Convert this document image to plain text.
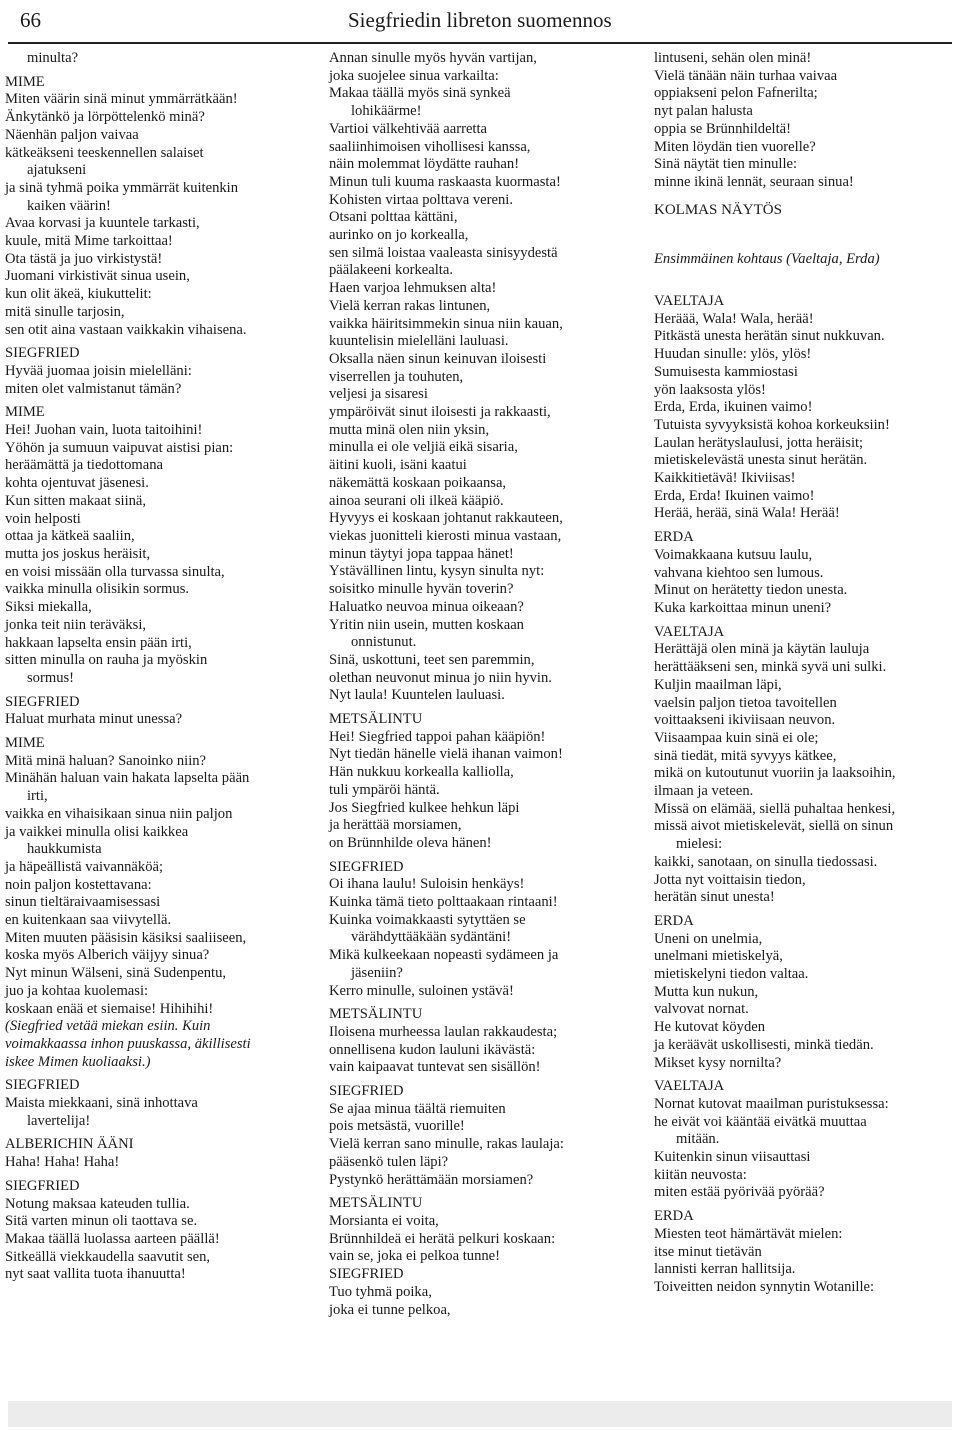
66	Siegfriedin libreton suomennos
minulta?
MIME
Miten väärin sinä minut ymmärrätkään!
Änkytänkö ja lörpöttelenkö minä?
Näenhän paljon vaivaa
kätkeäkseni teeskennellen salaiset
ajatukseni
ja sinä tyhmä poika ymmärrät kuitenkin
kaiken väärin!
Avaa korvasi ja kuuntele tarkasti,
kuule, mitä Mime tarkoittaa!
Ota tästä ja juo virkistystä!
Juomani virkistivät sinua usein,
kun olit äkeä, kiukuttelit:
mitä sinulle tarjosin,
sen otit aina vastaan vaikkakin vihaisena.
SIEGFRIED
Hyvää juomaa joisin mielelläni:
miten olet valmistanut tämän?
MIME
Hei! Juohan vain, luota taitoihini!
Yöhön ja sumuun vaipuvat aistisi pian:
heräämättä ja tiedottomana
kohta ojentuvat jäsenesi.
Kun sitten makaat siinä,
voin helposti
ottaa ja kätkeä saaliin,
mutta jos joskus heräisit,
en voisi missään olla turvassa sinulta,
vaikka minulla olisikin sormus.
Siksi miekalla,
jonka teit niin teräväksi,
hakkaan lapselta ensin pään irti,
sitten minulla on rauha ja myöskin
sormus!
SIEGFRIED
Haluat murhata minut unessa?
MIME
Mitä minä haluan? Sanoinko niin?
Minähän haluan vain hakata lapselta pään
irti,
vaikka en vihaisikaan sinua niin paljon
ja vaikkei minulla olisi kaikkea
haukkumista
ja häpeällistä vaivannäköä;
noin paljon kostettavana:
sinun tieltäraivaamisessasi
en kuitenkaan saa viivytellä.
Miten muuten pääsisin käsiksi saaliiseen,
koska myös Alberich väijyy sinua?
Nyt minun Wälseni, sinä Sudenpentu,
juo ja kohtaa kuolemasi:
koskaan enää et siemaise! Hihihihi!
(Siegfried vetää miekan esiin. Kuin
voimakkaassa inhon puuskassa, äkillisesti
iskee Mimen kuoliaaksi.)
SIEGFRIED
Maista miekkaani, sinä inhottava
lavertelija!
ALBERICHIN ÄÄNI
Haha! Haha! Haha!
SIEGFRIED
Notung maksaa kateuden tullia.
Sitä varten minun oli taottava se.
Makaa täällä luolassa aarteen päällä!
Sitkeällä viekkaudella saavutit sen,
nyt saat vallita tuota ihanuutta!
Annan sinulle myös hyvän vartijan,
joka suojelee sinua varkailta:
Makaa täällä myös sinä synkeä
lohikäärme!
Vartioi välkehtivää aarretta
saaliinhimoisen vihollisesi kanssa,
näin molemmat löydätte rauhan!
Minun tuli kuuma raskaasta kuormasta!
Kohisten virtaa polttava vereni.
Otsani polttaa kättäni,
aurinko on jo korkealla,
sen silmä loistaa vaaleasta sinisyydestä
päälakeeni korkealta.
Haen varjoa lehmuksen alta!
Vielä kerran rakas lintunen,
vaikka häiritsimmekin sinua niin kauan,
kuuntelisin mielelläni lauluasi.
Oksalla näen sinun keinuvan iloisesti
viserrellen ja touhuten,
veljesi ja sisaresi
ympäröivät sinut iloisesti ja rakkaasti,
mutta minä olen niin yksin,
minulla ei ole veljiä eikä sisaria,
äitini kuoli, isäni kaatui
näkemättä koskaan poikaansa,
ainoa seurani oli ilkeä kääpiö.
Hyvyys ei koskaan johtanut rakkauteen,
viekas juonitteli kierosti minua vastaan,
minun täytyi jopa tappaa hänet!
Ystävällinen lintu, kysyn sinulta nyt:
soisitko minulle hyvän toverin?
Haluatko neuvoa minua oikeaan?
Yritin niin usein, mutten koskaan
onnistunut.
Sinä, uskottuni, teet sen paremmin,
olethan neuvonut minua jo niin hyvin.
Nyt laula! Kuuntelen lauluasi.
METSÄLINTU
Hei! Siegfried tappoi pahan kääpiön!
Nyt tiedän hänelle vielä ihanan vaimon!
Hän nukkuu korkealla kalliolla,
tuli ympäröi häntä.
Jos Siegfried kulkee hehkun läpi
ja herättää morsiamen,
on Brünnhilde oleva hänen!
SIEGFRIED
Oi ihana laulu! Suloisin henkäys!
Kuinka tämä tieto polttaakaan rintaani!
Kuinka voimakkaasti sytyttäen se
värähdyttääkään sydäntäni!
Mikä kulkeekaan nopeasti sydämeen ja
jäseniin?
Kerro minulle, suloinen ystävä!
METSÄLINTU
Iloisena murheessa laulan rakkaudesta;
onnellisena kudon lauluni ikävästä:
vain kaipaavat tuntevat sen sisällön!
SIEGFRIED
Se ajaa minua täältä riemuiten
pois metsästä, vuorille!
Vielä kerran sano minulle, rakas laulaja:
pääsenkö tulen läpi?
Pystynkö herättämään morsiamen?
METSÄLINTU
Morsianta ei voita,
Brünnhildeä ei herätä pelkuri koskaan:
vain se, joka ei pelkoa tunne!
SIEGFRIED
Tuo tyhmä poika,
joka ei tunne pelkoa,
lintuseni, sehän olen minä!
Vielä tänään näin turhaa vaivaa
oppiakseni pelon Fafnerilta;
nyt palan halusta
oppia se Brünnhildeltä!
Miten löydän tien vuorelle?
Sinä näytät tien minulle:
minne ikinä lennät, seuraan sinua!
KOLMAS NÄYTÖS
Ensimmäinen kohtaus (Vaeltaja, Erda)
VAELTAJA
Heräää, Wala! Wala, herää!
Pitkästä unesta herätän sinut nukkuvan.
Huudan sinulle: ylös, ylös!
Sumuisesta kammiostasi
yön laaksosta ylös!
Erda, Erda, ikuinen vaimo!
Tutuista syvyyksistä kohoa korkeuksiin!
Laulan herätyslaulusi, jotta heräisit;
mietiskelevästä unesta sinut herätän.
Kaikkitietävä! Ikiviisas!
Erda, Erda! Ikuinen vaimo!
Herää, herää, sinä Wala! Herää!
ERDA
Voimakkaana kutsuu laulu,
vahvana kiehtoo sen lumous.
Minut on herätetty tiedon unesta.
Kuka karkoittaa minun uneni?
VAELTAJA
Herättäjä olen minä ja käytän lauluja
herättääkseni sen, minkä syvä uni sulki.
Kuljin maailman läpi,
vaelsin paljon tietoa tavoitellen
voittaakseni ikiviisaan neuvon.
Viisaampaa kuin sinä ei ole;
sinä tiedät, mitä syvyys kätkee,
mikä on kutoutunut vuoriin ja laaksoihin,
ilmaan ja veteen.
Missä on elämää, siellä puhaltaa henkesi,
missä aivot mietiskelevät, siellä on sinun
mielesi:
kaikki, sanotaan, on sinulla tiedossasi.
Jotta nyt voittaisin tiedon,
herätän sinut unesta!
ERDA
Uneni on unelmia,
unelmani mietiskelyä,
mietiskelyni tiedon valtaa.
Mutta kun nukun,
valvovat nornat.
He kutovat köyden
ja keräävät uskollisesti, minkä tiedän.
Mikset kysy nornilta?
VAELTAJA
Nornat kutovat maailman puristuksessa:
he eivät voi kääntää eivätkä muuttaa
mitään.
Kuitenkin sinun viisauttasi
kiitän neuvosta:
miten estää pyörivää pyörää?
ERDA
Miesten teot hämärtävät mielen:
itse minut tietävän
lannisti kerran hallitsija.
Toiveitten neidon synnytin Wotanille:
